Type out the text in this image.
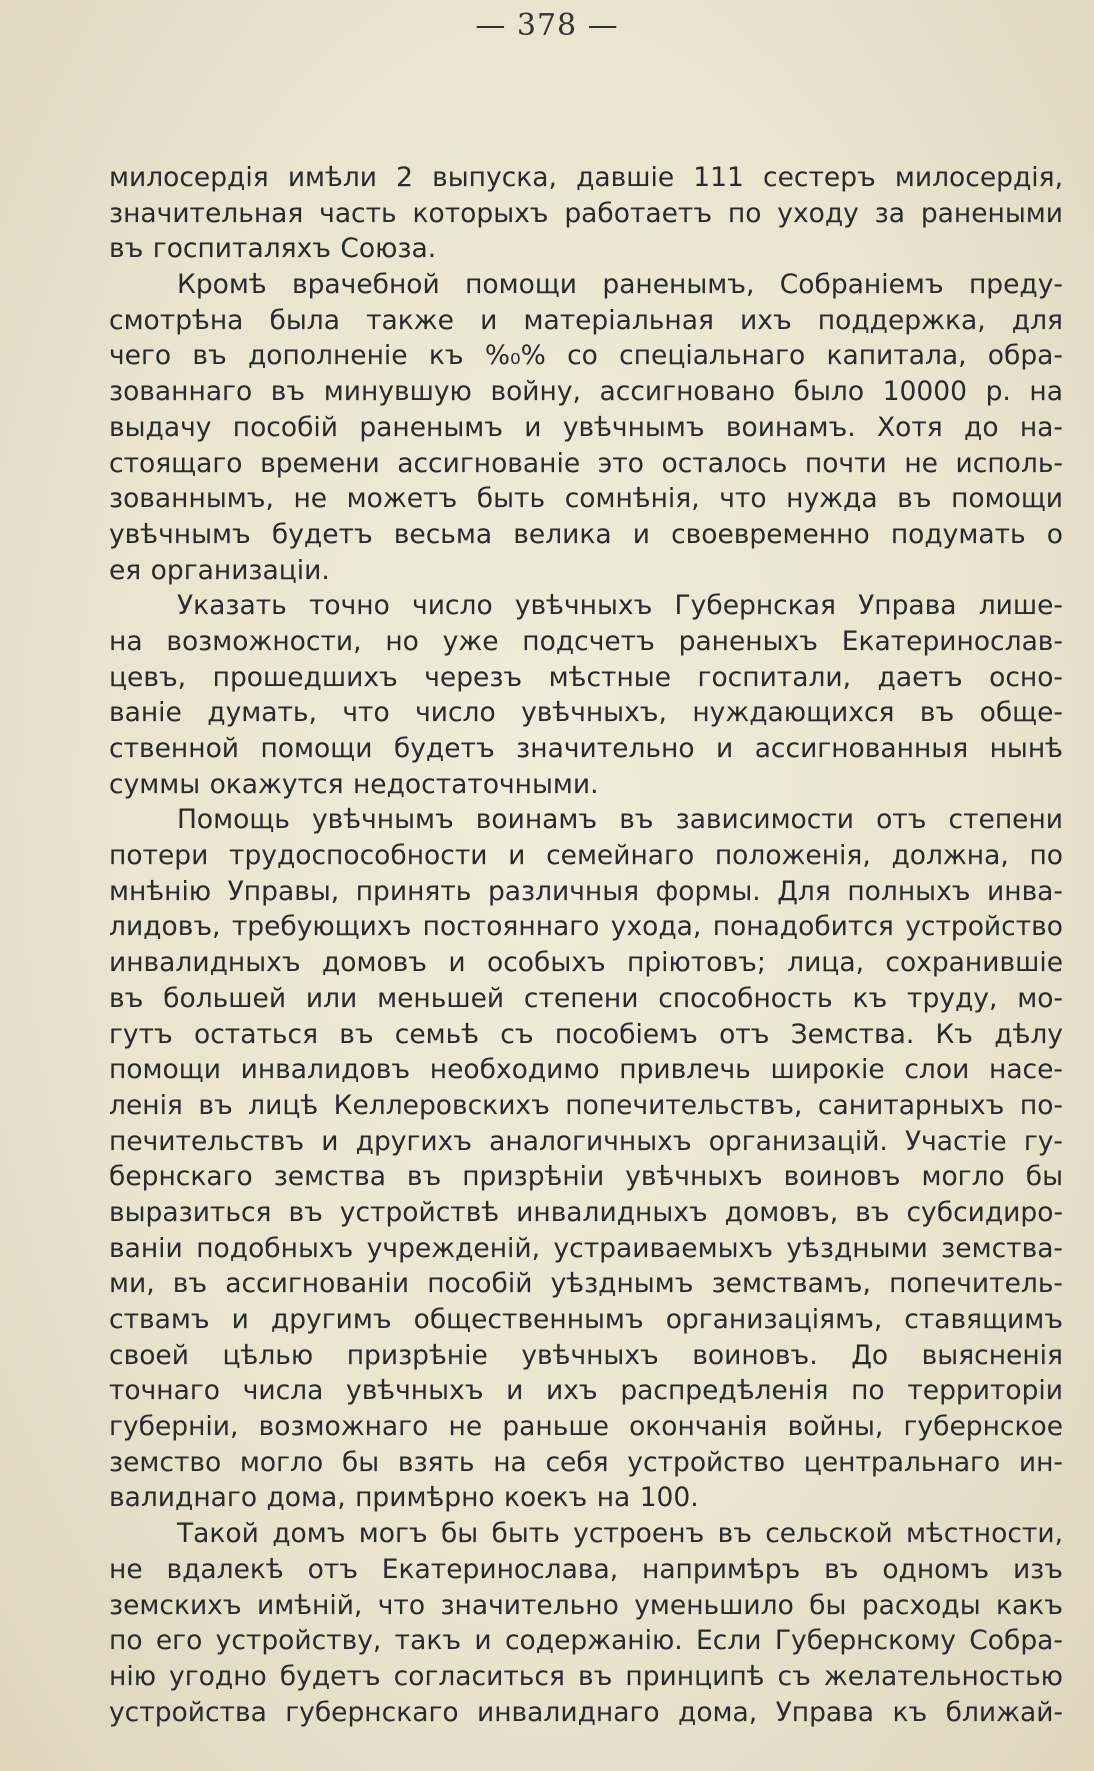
— 378 —
милосердія имѣли 2 выпуска, давшіе 111 сестеръ милосердія,
значительная часть которыхъ работаетъ по уходу за ранеными
въ госпиталяхъ Союза.
Кромѣ врачебной помощи раненымъ, Собраніемъ преду-
смотрѣна была также и матеріальная ихъ поддержка, для
чего въ дополненіе къ %₀% со спеціальнаго капитала, обра-
зованнаго въ минувшую войну, ассигновано было 10000 р. на
выдачу пособій раненымъ и увѣчнымъ воинамъ. Хотя до на-
стоящаго времени ассигнованіе это осталось почти не исполь-
зованнымъ, не можетъ быть сомнѣнія, что нужда въ помощи
увѣчнымъ будетъ весьма велика и своевременно подумать о
ея организаціи.
Указать точно число увѣчныхъ Губернская Управа лише-
на возможности, но уже подсчетъ раненыхъ Екатеринослав-
цевъ, прошедшихъ черезъ мѣстные госпитали, даетъ осно-
ваніе думать, что число увѣчныхъ, нуждающихся въ обще-
ственной помощи будетъ значительно и ассигнованныя нынѣ
суммы окажутся недостаточными.
Помощь увѣчнымъ воинамъ въ зависимости отъ степени
потери трудоспособности и семейнаго положенія, должна, по
мнѣнію Управы, принять различныя формы. Для полныхъ инва-
лидовъ, требующихъ постояннаго ухода, понадобится устройство
инвалидныхъ домовъ и особыхъ пріютовъ; лица, сохранившіе
въ большей или меньшей степени способность къ труду, мо-
гутъ остаться въ семьѣ съ пособіемъ отъ Земства. Къ дѣлу
помощи инвалидовъ необходимо привлечь широкіе слои насе-
ленія въ лицѣ Келлеровскихъ попечительствъ, санитарныхъ по-
печительствъ и другихъ аналогичныхъ организацій. Участіе гу-
бернскаго земства въ призрѣніи увѣчныхъ воиновъ могло бы
выразиться въ устройствѣ инвалидныхъ домовъ, въ субсидиро-
ваніи подобныхъ учрежденій, устраиваемыхъ уѣздными земства-
ми, въ ассигнованіи пособій уѣзднымъ земствамъ, попечитель-
ствамъ и другимъ общественнымъ организаціямъ, ставящимъ
своей цѣлью призрѣніе увѣчныхъ воиновъ. До выясненія
точнаго числа увѣчныхъ и ихъ распредѣленія по территоріи
губерніи, возможнаго не раньше окончанія войны, губернское
земство могло бы взять на себя устройство центральнаго ин-
валиднаго дома, примѣрно коекъ на 100.
Такой домъ могъ бы быть устроенъ въ сельской мѣстности,
не вдалекѣ отъ Екатеринослава, напримѣръ въ одномъ изъ
земскихъ имѣній, что значительно уменьшило бы расходы какъ
по его устройству, такъ и содержанію. Если Губернскому Собра-
нію угодно будетъ согласиться въ принципѣ съ желательностью
устройства губернскаго инвалиднаго дома, Управа къ ближай-
